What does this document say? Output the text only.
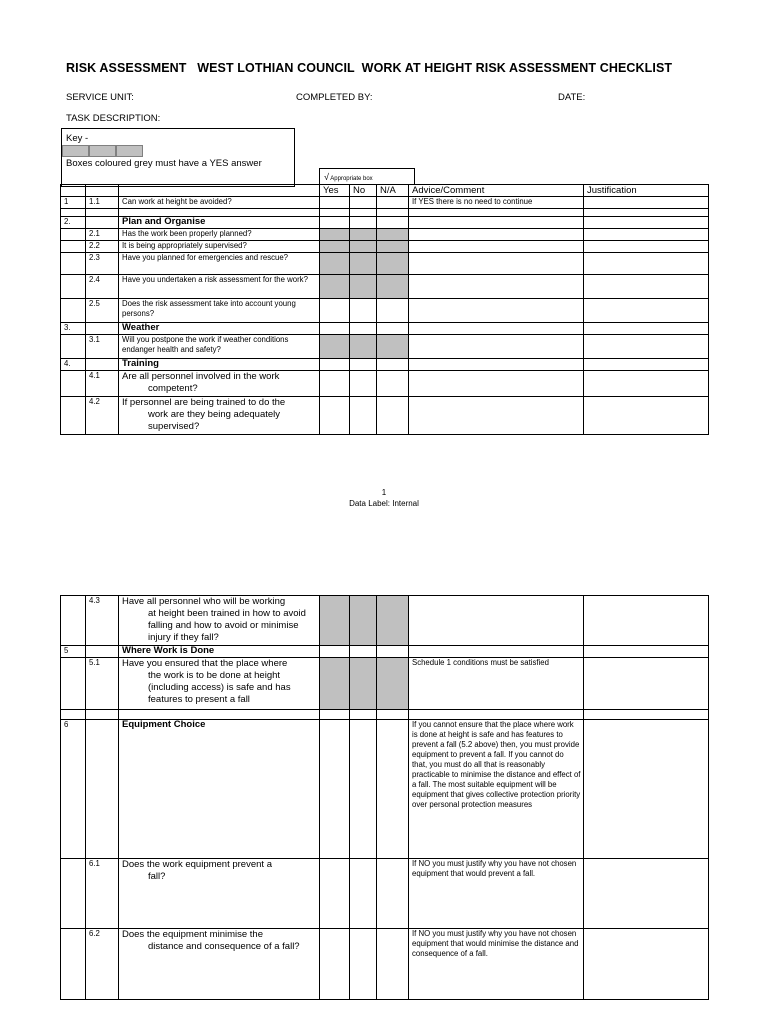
RISK ASSESSMENT   WEST LOTHIAN COUNCIL  WORK AT HEIGHT RISK ASSESSMENT CHECKLIST
SERVICE UNIT:	COMPLETED BY:	DATE:
TASK DESCRIPTION:
Key -
Boxes coloured grey must have a YES answer
√ Appropriate box
			Yes	No	N/A	Advice/Comment	Justification
1	1.1	Can work at height be avoided?				If YES there is no need to continue	

2.		Plan and Organise					
	2.1	Has the work been properly planned?					
	2.2	It is being appropriately supervised?					
	2.3	Have you planned for emergencies and rescue?					
	2.4	Have you undertaken a risk assessment for the work?					
	2.5	Does the risk assessment take into account young persons?					
3.		Weather					
	3.1	Will you postpone the work if weather conditions endanger health and safety?					
4.		Training					
	4.1	Are all personnel involved in the work
competent?					

	4.2	If personnel are being trained to do the
work are they being adequately supervised?					

1
Data Label: Internal
	4.3	Have all personnel who will be working
at height been trained in how to avoid falling and how to avoid or minimise injury if they fall?					

5		Where Work is Done					
	5.1	Have you ensured that the place where
the work is to be done at height (including access) is safe and has features to present a fall				Schedule 1 conditions must be satisfied	

6		Equipment Choice				If you cannot ensure that the place where work is done at height is safe and has features to prevent a fall (5.2 above) then, you must provide equipment to prevent a fall. If you cannot do that, you must do all that is reasonably practicable to minimise the distance and effect of a fall. The most suitable equipment will be equipment that gives collective protection priority over personal protection measures	
	6.1	Does the work equipment prevent a
fall?				If NO you must justify why you have not chosen equipment that would prevent a fall.	
	6.2	Does the equipment minimise the
distance and consequence of a fall?				If NO you must justify why you have not chosen equipment that would minimise the distance and consequence of a fall.	
